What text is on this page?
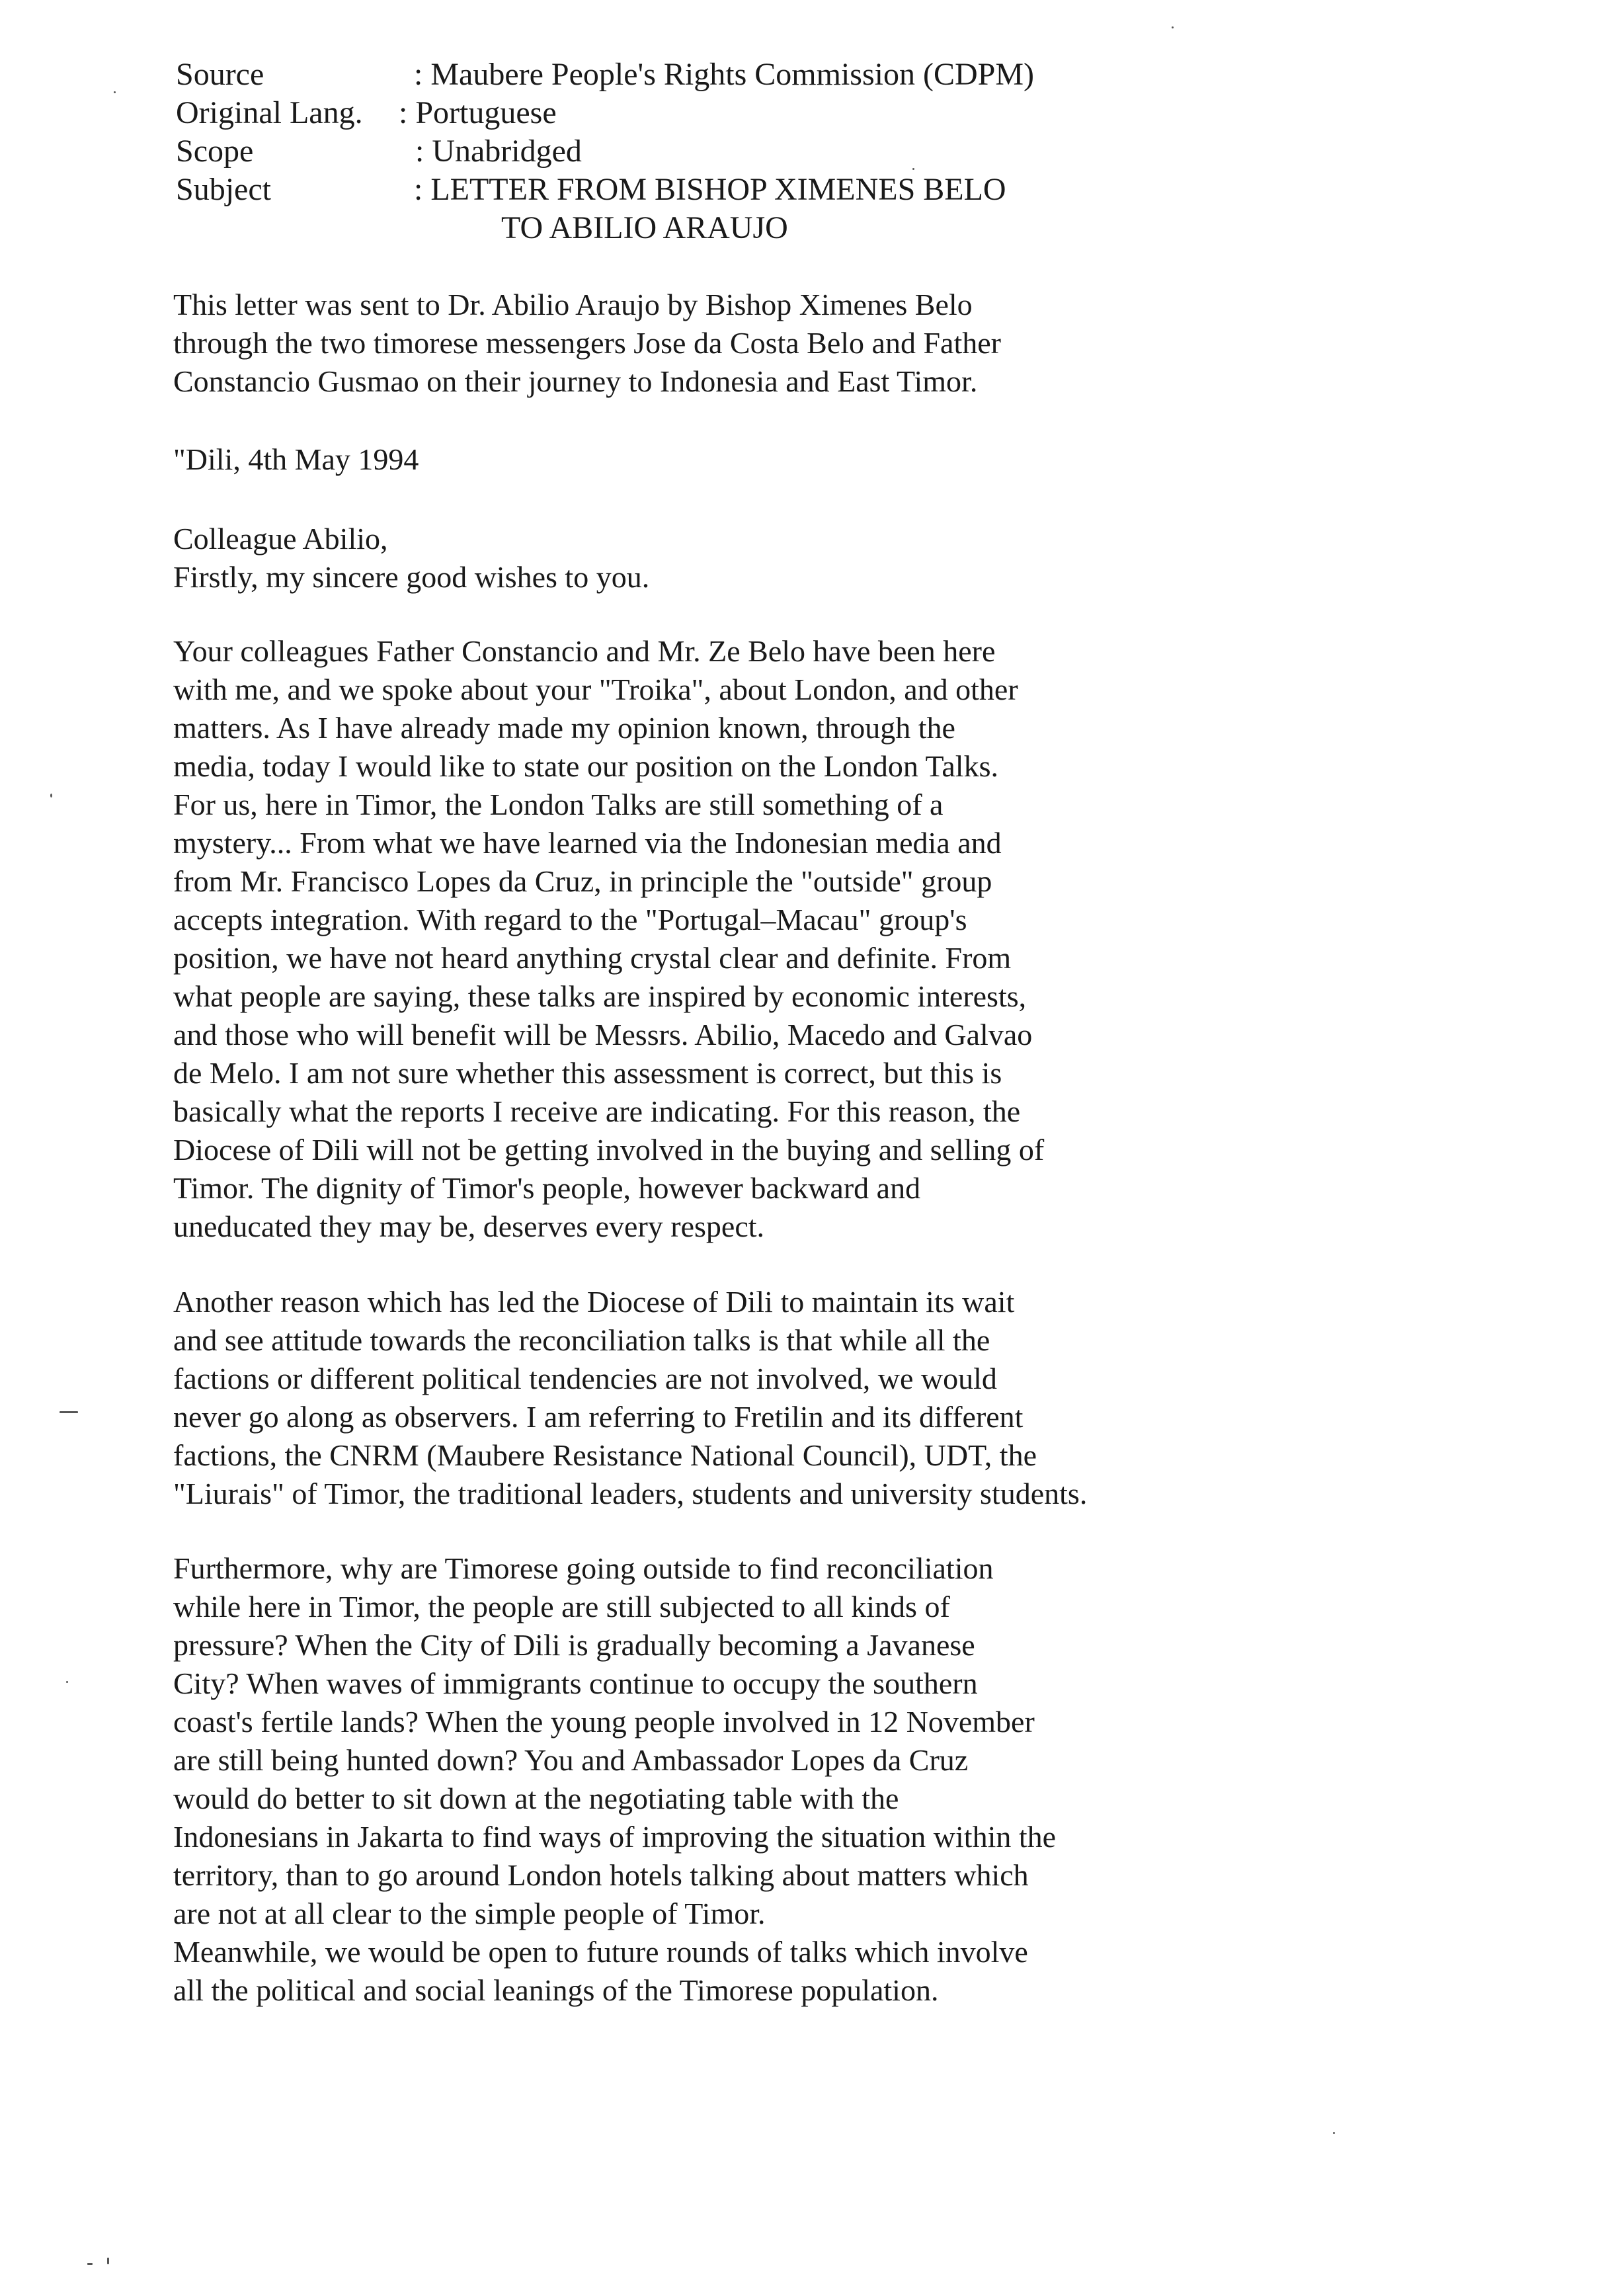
Source	: Maubere People's Rights Commission (CDPM)
Original Lang. : Portuguese
Scope	: Unabridged
Subject	: LETTER FROM BISHOP XIMENES BELO
TO ABILIO ARAUJO

This letter was sent to Dr. Abilio Araujo by Bishop Ximenes Belo
through the two timorese messengers Jose da Costa Belo and Father
Constancio Gusmao on their journey to Indonesia and East Timor.

"Dili, 4th May 1994

Colleague Abilio,
Firstly, my sincere good wishes to you.

Your colleagues Father Constancio and Mr. Ze Belo have been here
with me, and we spoke about your "Troika", about London, and other
matters. As I have already made my opinion known, through the
media, today I would like to state our position on the London Talks.
For us, here in Timor, the London Talks are still something of a
mystery... From what we have learned via the Indonesian media and
from Mr. Francisco Lopes da Cruz, in principle the "outside" group
accepts integration. With regard to the "Portugal–Macau" group's
position, we have not heard anything crystal clear and definite. From
what people are saying, these talks are inspired by economic interests,
and those who will benefit will be Messrs. Abilio, Macedo and Galvao
de Melo. I am not sure whether this assessment is correct, but this is
basically what the reports I receive are indicating. For this reason, the
Diocese of Dili will not be getting involved in the buying and selling of
Timor. The dignity of Timor's people, however backward and
uneducated they may be, deserves every respect.

Another reason which has led the Diocese of Dili to maintain its wait
and see attitude towards the reconciliation talks is that while all the
factions or different political tendencies are not involved, we would
never go along as observers. I am referring to Fretilin and its different
factions, the CNRM (Maubere Resistance National Council), UDT, the
"Liurais" of Timor, the traditional leaders, students and university students.

Furthermore, why are Timorese going outside to find reconciliation
while here in Timor, the people are still subjected to all kinds of
pressure? When the City of Dili is gradually becoming a Javanese
City? When waves of immigrants continue to occupy the southern
coast's fertile lands? When the young people involved in 12 November
are still being hunted down? You and Ambassador Lopes da Cruz
would do better to sit down at the negotiating table with the
Indonesians in Jakarta to find ways of improving the situation within the
territory, than to go around London hotels talking about matters which
are not at all clear to the simple people of Timor.
Meanwhile, we would be open to future rounds of talks which involve
all the political and social leanings of the Timorese population.
